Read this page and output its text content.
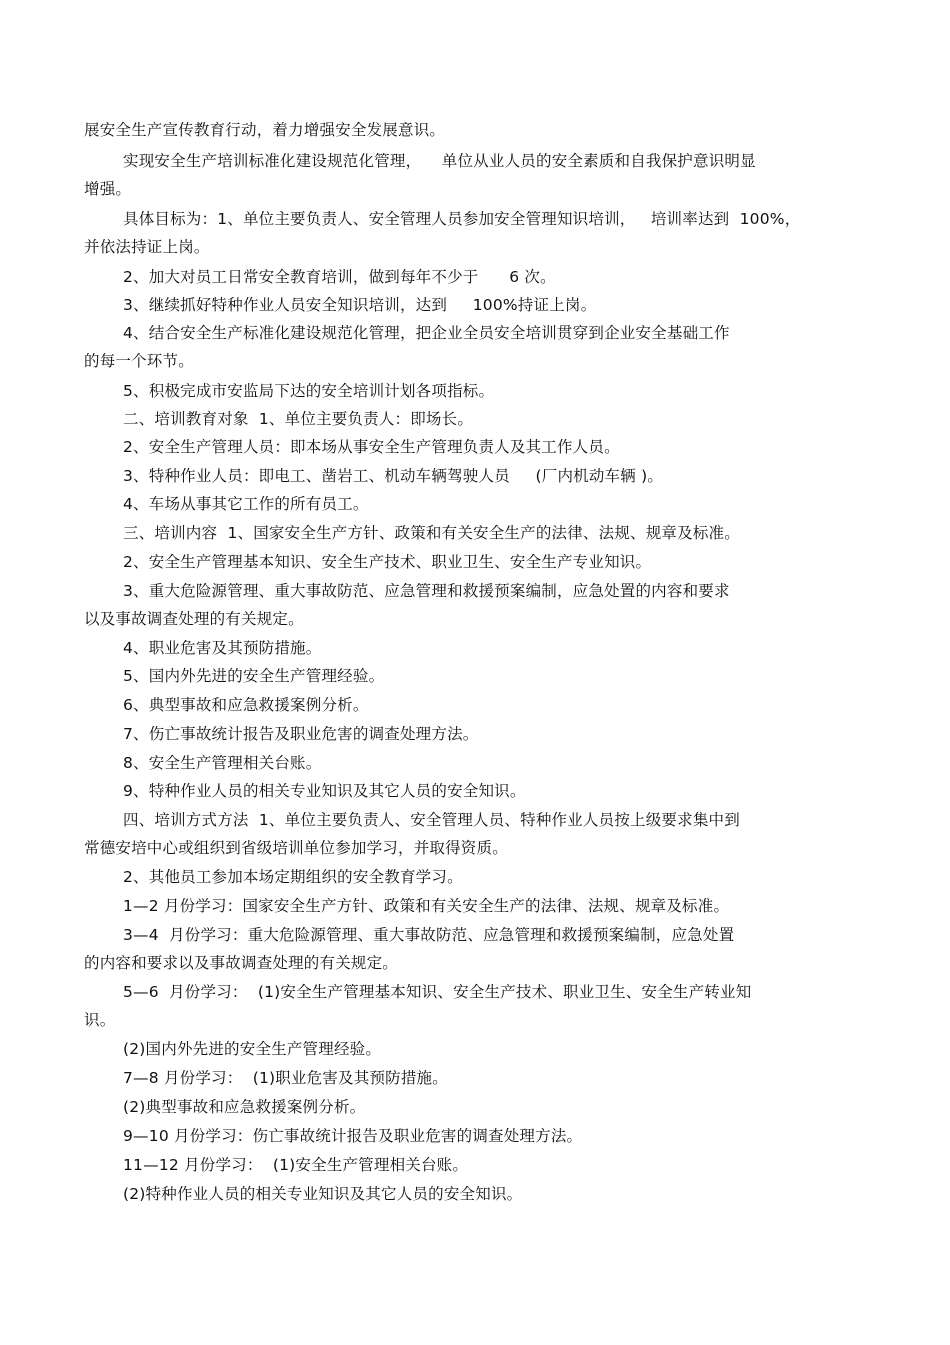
展安全生产宣传教育行动，着力增强安全发展意识。
实现安全生产培训标准化建设规范化管理，    单位从业人员的安全素质和自我保护意识明显
增强。
具体目标为：1、单位主要负责人、安全管理人员参加安全管理知识培训，   培训率达到  100%，
并依法持证上岗。
2、加大对员工日常安全教育培训，做到每年不少于      6 次。
3、继续抓好特种作业人员安全知识培训，达到     100%持证上岗。
4、结合安全生产标准化建设规范化管理，把企业全员安全培训贯穿到企业安全基础工作
的每一个环节。
5、积极完成市安监局下达的安全培训计划各项指标。
二、培训教育对象  1、单位主要负责人：即场长。
2、安全生产管理人员：即本场从事安全生产管理负责人及其工作人员。
3、特种作业人员：即电工、凿岩工、机动车辆驾驶人员     (厂内机动车辆 )。
4、车场从事其它工作的所有员工。
三、培训内容  1、国家安全生产方针、政策和有关安全生产的法律、法规、规章及标准。
2、安全生产管理基本知识、安全生产技术、职业卫生、安全生产专业知识。
3、重大危险源管理、重大事故防范、应急管理和救援预案编制，应急处置的内容和要求
以及事故调查处理的有关规定。
4、职业危害及其预防措施。
5、国内外先进的安全生产管理经验。
6、典型事故和应急救援案例分析。
7、伤亡事故统计报告及职业危害的调查处理方法。
8、安全生产管理相关台账。
9、特种作业人员的相关专业知识及其它人员的安全知识。
四、培训方式方法  1、单位主要负责人、安全管理人员、特种作业人员按上级要求集中到
常德安培中心或组织到省级培训单位参加学习，并取得资质。
2、其他员工参加本场定期组织的安全教育学习。
1—2 月份学习：国家安全生产方针、政策和有关安全生产的法律、法规、规章及标准。
3—4  月份学习：重大危险源管理、重大事故防范、应急管理和救援预案编制，应急处置
的内容和要求以及事故调查处理的有关规定。
5—6  月份学习：  (1)安全生产管理基本知识、安全生产技术、职业卫生、安全生产转业知
识。
(2)国内外先进的安全生产管理经验。
7—8 月份学习：  (1)职业危害及其预防措施。
(2)典型事故和应急救援案例分析。
9—10 月份学习：伤亡事故统计报告及职业危害的调查处理方法。
11—12 月份学习：  (1)安全生产管理相关台账。
(2)特种作业人员的相关专业知识及其它人员的安全知识。
